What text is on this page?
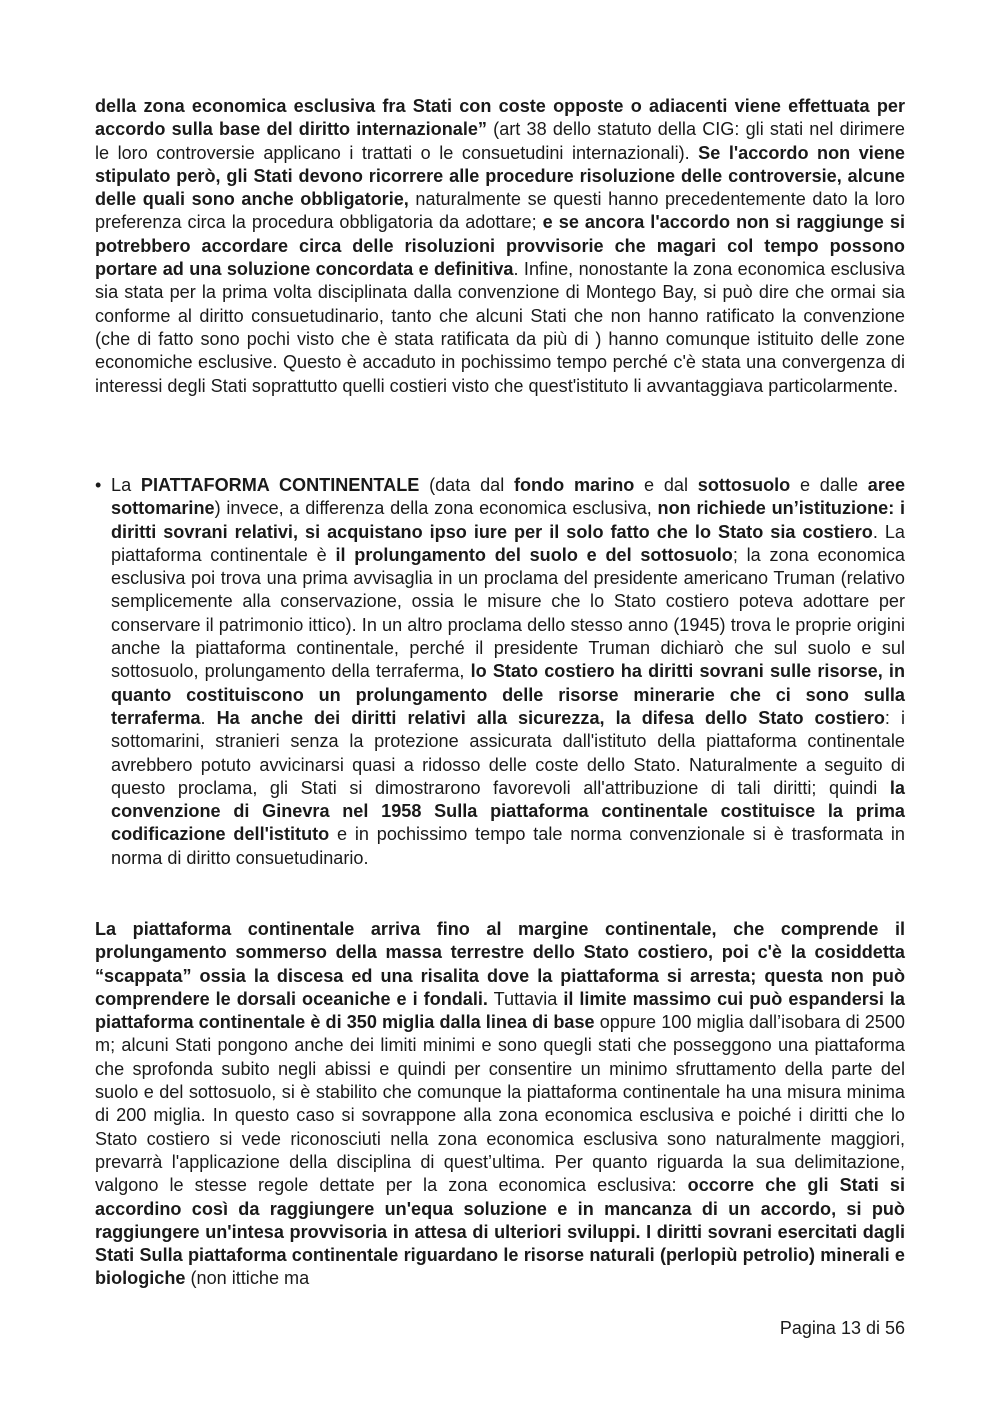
della zona economica esclusiva fra Stati con coste opposte o adiacenti viene effettuata per accordo sulla base del diritto internazionale” (art 38 dello statuto della CIG: gli stati nel dirimere le loro controversie applicano i trattati o le consuetudini internazionali). Se l'accordo non viene stipulato però, gli Stati devono ricorrere alle procedure risoluzione delle controversie, alcune delle quali sono anche obbligatorie, naturalmente se questi hanno precedentemente dato la loro preferenza circa la procedura obbligatoria da adottare; e se ancora l'accordo non si raggiunge si potrebbero accordare circa delle risoluzioni provvisorie che magari col tempo possono portare ad una soluzione concordata e definitiva. Infine, nonostante la zona economica esclusiva sia stata per la prima volta disciplinata dalla convenzione di Montego Bay, si può dire che ormai sia conforme al diritto consuetudinario, tanto che alcuni Stati che non hanno ratificato la convenzione (che di fatto sono pochi visto che è stata ratificata da più di ) hanno comunque istituito delle zone economiche esclusive. Questo è accaduto in pochissimo tempo perché c'è stata una convergenza di interessi degli Stati soprattutto quelli costieri visto che quest'istituto li avvantaggiava particolarmente.

• La PIATTAFORMA CONTINENTALE (data dal fondo marino e dal sottosuolo e dalle aree sottomarine) invece, a differenza della zona economica esclusiva, non richiede un’istituzione: i diritti sovrani relativi, si acquistano ipso iure per il solo fatto che lo Stato sia costiero. La piattaforma continentale è il prolungamento del suolo e del sottosuolo; la zona economica esclusiva poi trova una prima avvisaglia in un proclama del presidente americano Truman (relativo semplicemente alla conservazione, ossia le misure che lo Stato costiero poteva adottare per conservare il patrimonio ittico). In un altro proclama dello stesso anno (1945) trova le proprie origini anche la piattaforma continentale, perché il presidente Truman dichiarò che sul suolo e sul sottosuolo, prolungamento della terraferma, lo Stato costiero ha diritti sovrani sulle risorse, in quanto costituiscono un prolungamento delle risorse minerarie che ci sono sulla terraferma. Ha anche dei diritti relativi alla sicurezza, la difesa dello Stato costiero: i sottomarini, stranieri senza la protezione assicurata dall'istituto della piattaforma continentale avrebbero potuto avvicinarsi quasi a ridosso delle coste dello Stato. Naturalmente a seguito di questo proclama, gli Stati si dimostrarono favorevoli all'attribuzione di tali diritti; quindi la convenzione di Ginevra nel 1958 Sulla piattaforma continentale costituisce la prima codificazione dell'istituto e in pochissimo tempo tale norma convenzionale si è trasformata in norma di diritto consuetudinario.

La piattaforma continentale arriva fino al margine continentale, che comprende il prolungamento sommerso della massa terrestre dello Stato costiero, poi c'è la cosiddetta “scappata” ossia la discesa ed una risalita dove la piattaforma si arresta; questa non può comprendere le dorsali oceaniche e i fondali. Tuttavia il limite massimo cui può espandersi la piattaforma continentale è di 350 miglia dalla linea di base oppure 100 miglia dall’isobara di 2500 m; alcuni Stati pongono anche dei limiti minimi e sono quegli stati che posseggono una piattaforma che sprofonda subito negli abissi e quindi per consentire un minimo sfruttamento della parte del suolo e del sottosuolo, si è stabilito che comunque la piattaforma continentale ha una misura minima di 200 miglia. In questo caso si sovrappone alla zona economica esclusiva e poiché i diritti che lo Stato costiero si vede riconosciuti nella zona economica esclusiva sono naturalmente maggiori, prevarrà l'applicazione della disciplina di quest’ultima. Per quanto riguarda la sua delimitazione, valgono le stesse regole dettate per la zona economica esclusiva: occorre che gli Stati si accordino così da raggiungere un'equa soluzione e in mancanza di un accordo, si può raggiungere un'intesa provvisoria in attesa di ulteriori sviluppi. I diritti sovrani esercitati dagli Stati Sulla piattaforma continentale riguardano le risorse naturali (perlopiù petrolio) minerali e biologiche (non ittiche ma

Pagina 13 di 56
